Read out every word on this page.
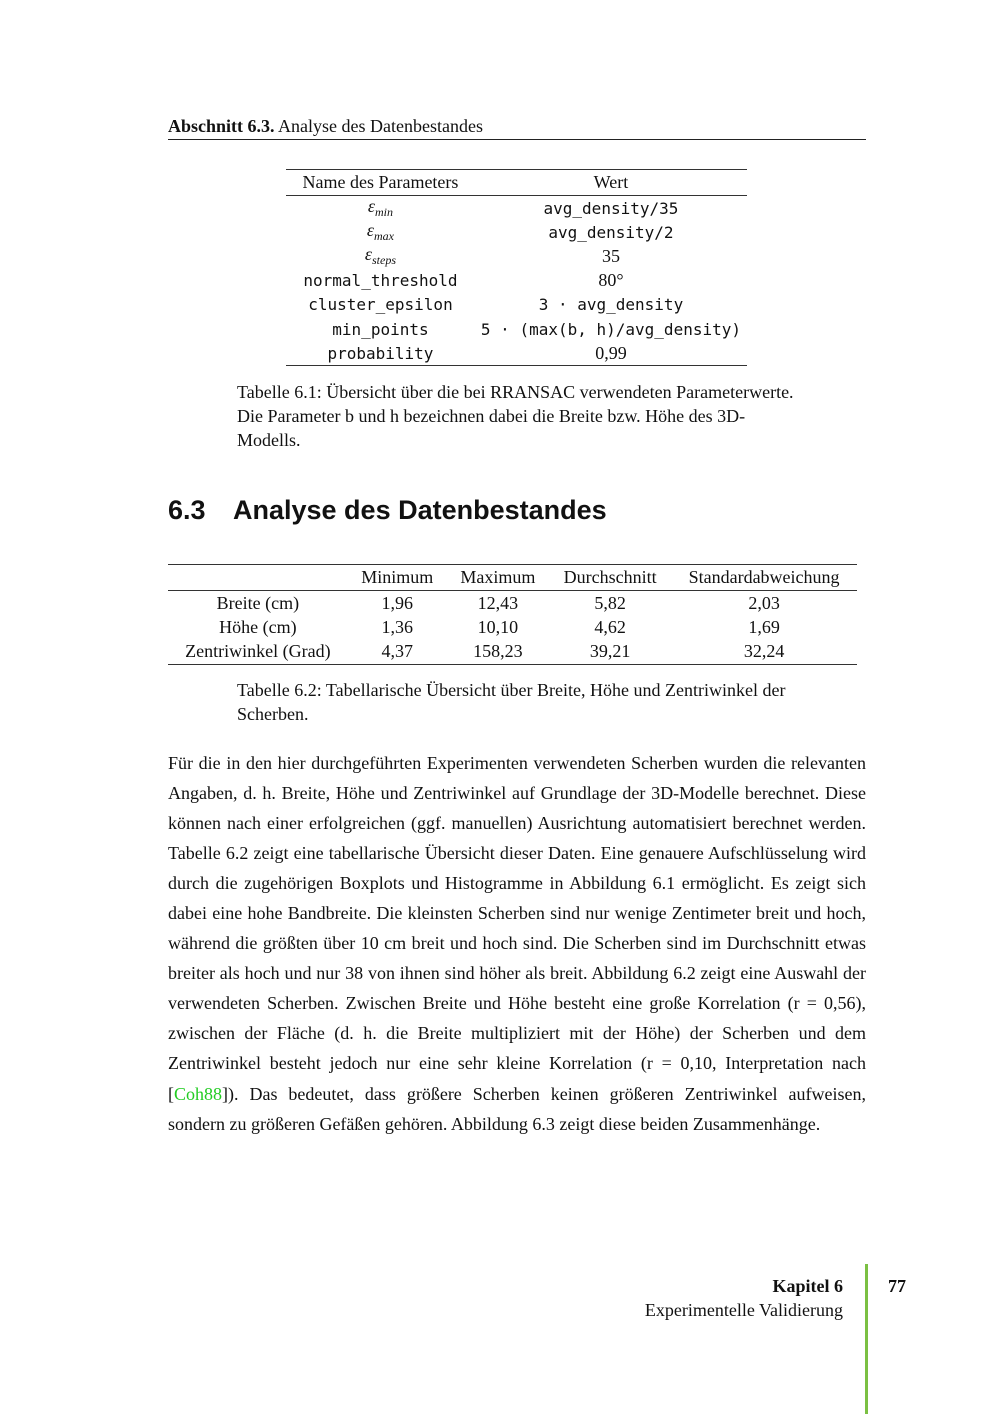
Abschnitt 6.3. Analyse des Datenbestandes
Name des Parameters	Wert
$\varepsilon_{min}$	avg_density/35
$\varepsilon_{max}$	avg_density/2
$\varepsilon_{steps}$	35
normal_threshold	80°
cluster_epsilon	3 · avg_density
min_points	5 · (max(b, h)/avg_density)
probability	0,99
Tabelle 6.1: Übersicht über die bei RRANSAC verwendeten Parameterwerte. Die Parameter b und h bezeichnen dabei die Breite bzw. Höhe des 3D-Modells.
6.3 Analyse des Datenbestandes
	Minimum	Maximum	Durchschnitt	Standardabweichung
Breite (cm)	1,96	12,43	5,82	2,03
Höhe (cm)	1,36	10,10	4,62	1,69
Zentriwinkel (Grad)	4,37	158,23	39,21	32,24
Tabelle 6.2: Tabellarische Übersicht über Breite, Höhe und Zentriwinkel der Scherben.

Für die in den hier durchgeführten Experimenten verwendeten Scherben wurden die relevanten Angaben, d. h. Breite, Höhe und Zentriwinkel auf Grundlage der 3D-Modelle berechnet. Diese können nach einer erfolgreichen (ggf. manuellen) Ausrichtung automatisiert berechnet werden. Tabelle 6.2 zeigt eine tabellarische Übersicht dieser Daten. Eine genauere Aufschlüsselung wird durch die zugehörigen Boxplots und Histogramme in Abbildung 6.1 ermöglicht. Es zeigt sich dabei eine hohe Bandbreite. Die kleinsten Scherben sind nur wenige Zentimeter breit und hoch, während die größten über 10 cm breit und hoch sind. Die Scherben sind im Durchschnitt etwas breiter als hoch und nur 38 von ihnen sind höher als breit. Abbildung 6.2 zeigt eine Auswahl der verwendeten Scherben. Zwischen Breite und Höhe besteht eine große Korrelation (r = 0,56), zwischen der Fläche (d. h. die Breite multipliziert mit der Höhe) der Scherben und dem Zentriwinkel besteht jedoch nur eine sehr kleine Korrelation (r = 0,10, Interpretation nach [Coh88]). Das bedeutet, dass größere Scherben keinen größeren Zentriwinkel aufweisen, sondern zu größeren Gefäßen gehören. Abbildung 6.3 zeigt diese beiden Zusammenhänge.

Kapitel 6
Experimentelle Validierung
77
